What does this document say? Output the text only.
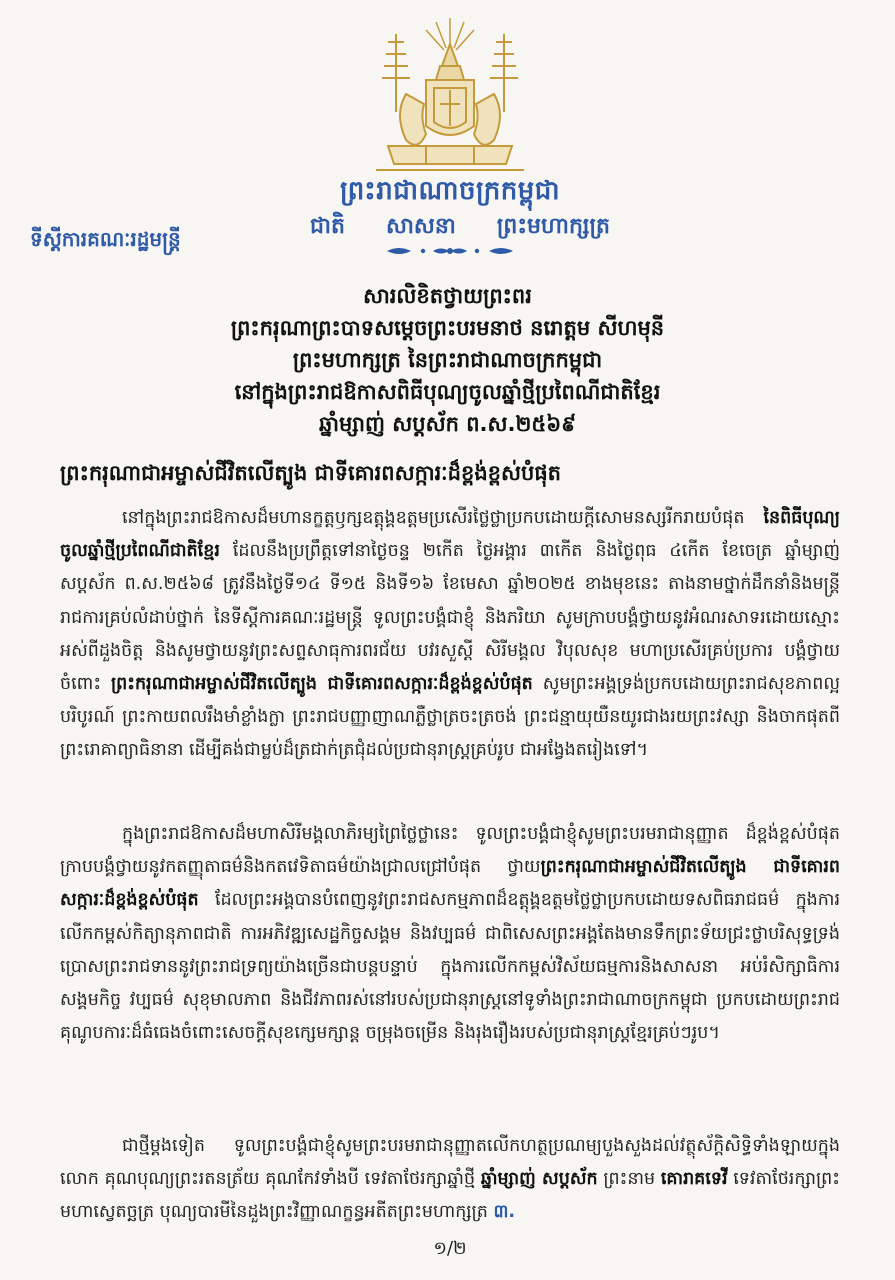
ព្រះរាជាណាចក្រកម្ពុជា
ជាតិ សាសនា ព្រះមហាក្សត្រ
ទីស្ដីការគណៈរដ្ឋមន្ត្រី
សារលិខិតថ្វាយព្រះពរ
ព្រះករុណាព្រះបាទសម្ដេចព្រះបរមនាថ នរោត្តម សីហមុនី
ព្រះមហាក្សត្រ នៃព្រះរាជាណាចក្រកម្ពុជា
នៅក្នុងព្រះរាជឱកាសពិធីបុណ្យចូលឆ្នាំថ្មីប្រពៃណីជាតិខ្មែរ
ឆ្នាំម្សាញ់ សប្តស័ក ព.ស.២៥៦៩
ព្រះករុណាជាអម្ចាស់ជីវិតលើត្បូង ជាទីគោរពសក្ការៈដ៏ខ្ពង់ខ្ពស់បំផុត
នៅក្នុងព្រះរាជឱកាសដ៏មហានក្ខត្តឫក្សឧត្តុង្គឧត្តមប្រសើរថ្លៃថ្លាប្រកបដោយក្ដីសោមនស្សរីករាយបំផុត នៃពិធីបុណ្យចូលឆ្នាំថ្មីប្រពៃណីជាតិខ្មែរ ដែលនឹងប្រព្រឹត្តទៅនាថ្ងៃចន្ទ ២កេីត ថ្ងៃអង្គារ ៣កេីត និងថ្ងៃពុធ ៤កេីត ខែចេត្រ ឆ្នាំម្សាញ់ សប្តស័ក ព.ស.២៥៦៨ ត្រូវនឹងថ្ងៃទី១៤ ទី១៥ និងទី១៦ ខែមេសា ឆ្នាំ២០២៥ ខាងមុខនេះ តាងនាមថ្នាក់ដឹកនាំនិងមន្ត្រីរាជការគ្រប់លំដាប់ថ្នាក់ នៃទីស្ដីការគណៈរដ្ឋមន្ត្រី ទូលព្រះបង្គំជាខ្ញុំ និងភរិយា សូមក្រាបបង្គំថ្វាយនូវអំណរសាទរដោយស្មោះអស់ពីដួងចិត្ត និងសូមថ្វាយនូវព្រះសព្ទសាធុការពរជ័យ បវរសួស្តី សិរីមង្គល វិបុលសុខ មហាប្រសើរគ្រប់ប្រការ បង្គំថ្វាយចំពោះ ព្រះករុណាជាអម្ចាស់ជីវិតលើត្បូង ជាទីគោរពសក្ការៈដ៏ខ្ពង់ខ្ពស់បំផុត សូមព្រះអង្គទ្រង់ប្រកបដោយព្រះរាជសុខភាពល្អបរិបូរណ៍ ព្រះកាយពលរឹងមាំខ្លាំងក្លា ព្រះរាជបញ្ញាញាណភ្លឺថ្លាត្រចះត្រចង់ ព្រះជន្មាយុយឺនយូរជាងរយព្រះវស្សា និងចាកផុតពីព្រះរោគាព្យាធិនានា ដើម្បីគង់ជាម្លប់ដ៏ត្រជាក់ត្រជុំដល់ប្រជានុរាស្ត្រគ្រប់រូប ជាអង្វែងតរៀងទៅ។
ក្នុងព្រះរាជឱកាសដ៏មហាសិរីមង្គលាភិរម្យព្រៃថ្លៃថ្លានេះ ទូលព្រះបង្គំជាខ្ញុំសូមព្រះបរមរាជានុញ្ញាត ដ៏ខ្ពង់ខ្ពស់បំផុត ក្រាបបង្គំថ្វាយនូវកតញ្ញុតាធម៌និងកតវេទិតាធម៌យ៉ាងជ្រាលជ្រៅបំផុត ថ្វាយព្រះករុណាជាអម្ចាស់ជីវិតលើត្បូង ជាទីគោរពសក្ការៈដ៏ខ្ពង់ខ្ពស់បំផុត ដែលព្រះអង្គបានបំពេញនូវព្រះរាជសកម្មភាពដ៏ឧត្តុង្គឧត្តមថ្លៃថ្លាប្រកបដោយទសពិធរាជធម៌ ក្នុងការលើកកម្ពស់កិត្យានុភាពជាតិ ការអភិវឌ្ឍសេដ្ឋកិច្ចសង្គម និងវប្បធម៌ ជាពិសេសព្រះអង្គតែងមានទឹកព្រះទ័យជ្រះថ្លាបរិសុទ្ធទ្រង់ប្រោសព្រះរាជទាននូវព្រះរាជទ្រព្យយ៉ាងច្រើនជាបន្តបន្ទាប់ ក្នុងការលើកកម្ពស់វិស័យធម្មការនិងសាសនា អប់រំសិក្សាធិការ សង្គមកិច្ច វប្បធម៌ សុខុមាលភាព និងជីវភាពរស់នៅរបស់ប្រជានុរាស្ត្រនៅទូទាំងព្រះរាជាណាចក្រកម្ពុជា ប្រកបដោយព្រះរាជគុណូបការៈដ៏ធំធេងចំពោះសេចក្ដីសុខក្សេមក្សាន្ត ចម្រុងចម្រើន និងរុងរឿងរបស់ប្រជានុរាស្ត្រខ្មែរគ្រប់ៗរូប។
ជាថ្មីម្ដងទៀត ទូលព្រះបង្គំជាខ្ញុំសូមព្រះបរមរាជានុញ្ញាតលើកហត្ថប្រណម្យបួងសួងដល់វត្ថុស័ក្ដិសិទ្ធិទាំងឡាយក្នុងលោក គុណបុណ្យព្រះរតនត្រ័យ គុណកែវទាំងបី ទេវតាថែរក្សាឆ្នាំថ្មី ឆ្នាំម្សាញ់ សប្តស័ក ព្រះនាម គោរាគទេវី ទេវតាថែរក្សាព្រះមហាស្វេតច្ឆត្រ បុណ្យបារមីនៃដួងព្រះវិញ្ញាណក្ខន្ធអតីតព្រះមហាក្សត្រ ៣.
១/២
